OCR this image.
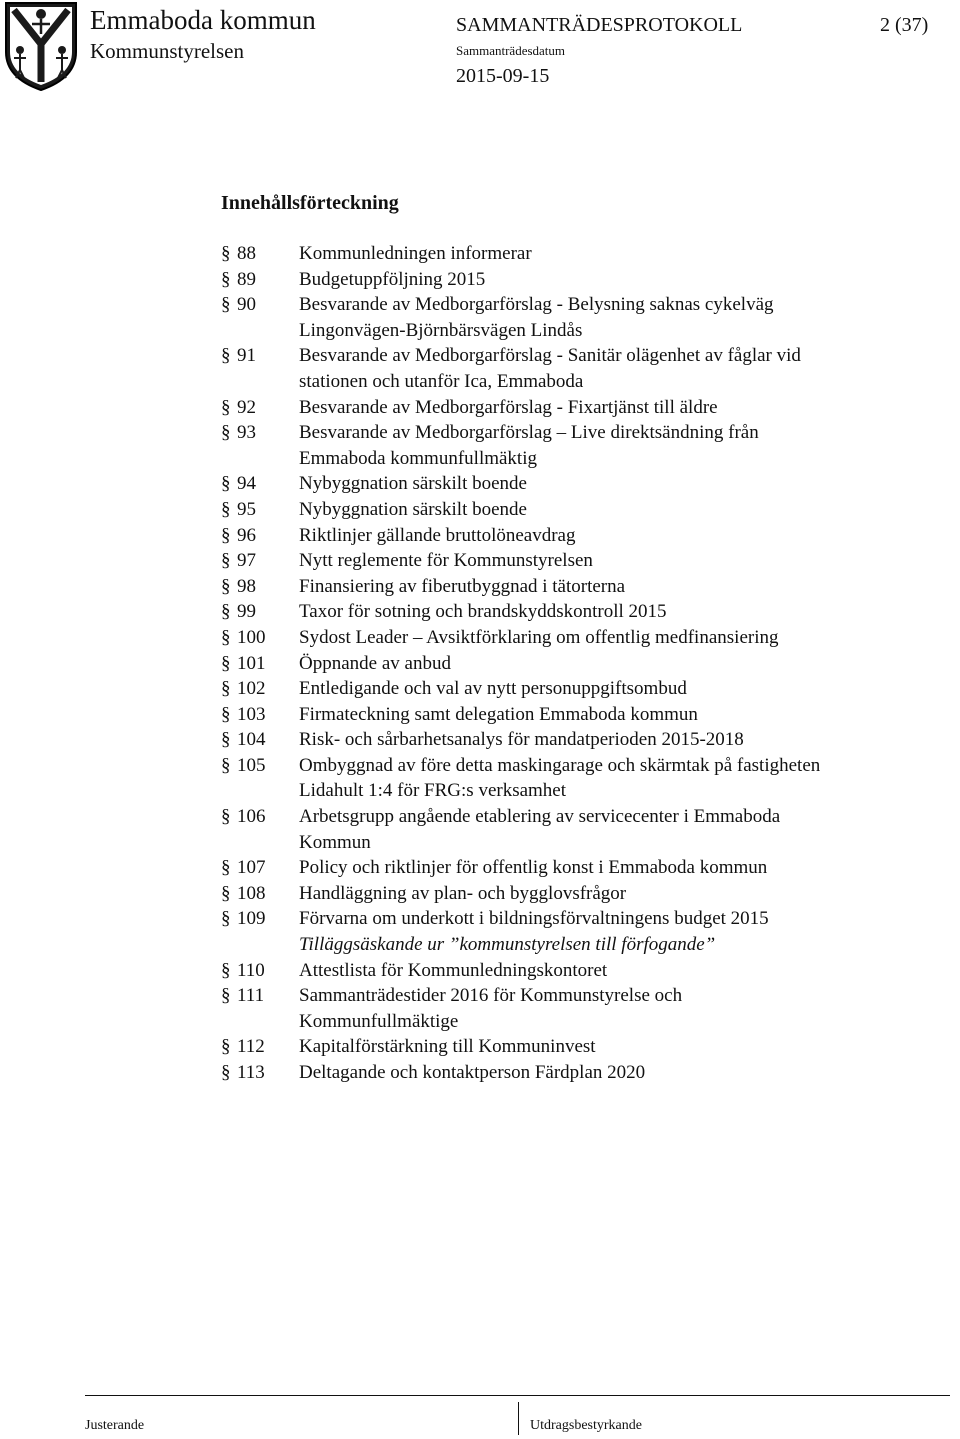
Emmaboda kommun
Kommunstyrelsen
SAMMANTRÄDESPROTOKOLL	2 (37)
Sammanträdesdatum
2015-09-15
Innehållsförteckning
§ 88	Kommunledningen informerar
§ 89	Budgetuppföljning 2015
§ 90	Besvarande av Medborgarförslag - Belysning saknas cykelväg
Lingonvägen-Björnbärsvägen Lindås
§ 91	Besvarande av Medborgarförslag - Sanitär olägenhet av fåglar vid
stationen och utanför Ica, Emmaboda
§ 92	Besvarande av Medborgarförslag - Fixartjänst till äldre
§ 93	Besvarande av Medborgarförslag – Live direktsändning från
Emmaboda kommunfullmäktig
§ 94	Nybyggnation särskilt boende
§ 95	Nybyggnation särskilt boende
§ 96	Riktlinjer gällande bruttolöneavdrag
§ 97	Nytt reglemente för Kommunstyrelsen
§ 98	Finansiering av fiberutbyggnad i tätorterna
§ 99	Taxor för sotning och brandskyddskontroll 2015
§ 100	Sydost Leader – Avsiktförklaring om offentlig medfinansiering
§ 101	Öppnande av anbud
§ 102	Entledigande och val av nytt personuppgiftsombud
§ 103	Firmateckning samt delegation Emmaboda kommun
§ 104	Risk- och sårbarhetsanalys för mandatperioden 2015-2018
§ 105	Ombyggnad av före detta maskingarage och skärmtak på fastigheten
Lidahult 1:4 för FRG:s verksamhet
§ 106	Arbetsgrupp angående etablering av servicecenter i Emmaboda
Kommun
§ 107	Policy och riktlinjer för offentlig konst i Emmaboda kommun
§ 108	Handläggning av plan- och bygglovsfrågor
§ 109	Förvarna om underkott i bildningsförvaltningens budget 2015
Tilläggsäskande ur ”kommunstyrelsen till förfogande”
§ 110	Attestlista för Kommunledningskontoret
§ 111	Sammanträdestider 2016 för Kommunstyrelse och
Kommunfullmäktige
§ 112	Kapitalförstärkning till Kommuninvest
§ 113	Deltagande och kontaktperson Färdplan 2020
Justerande	Utdragsbestyrkande
